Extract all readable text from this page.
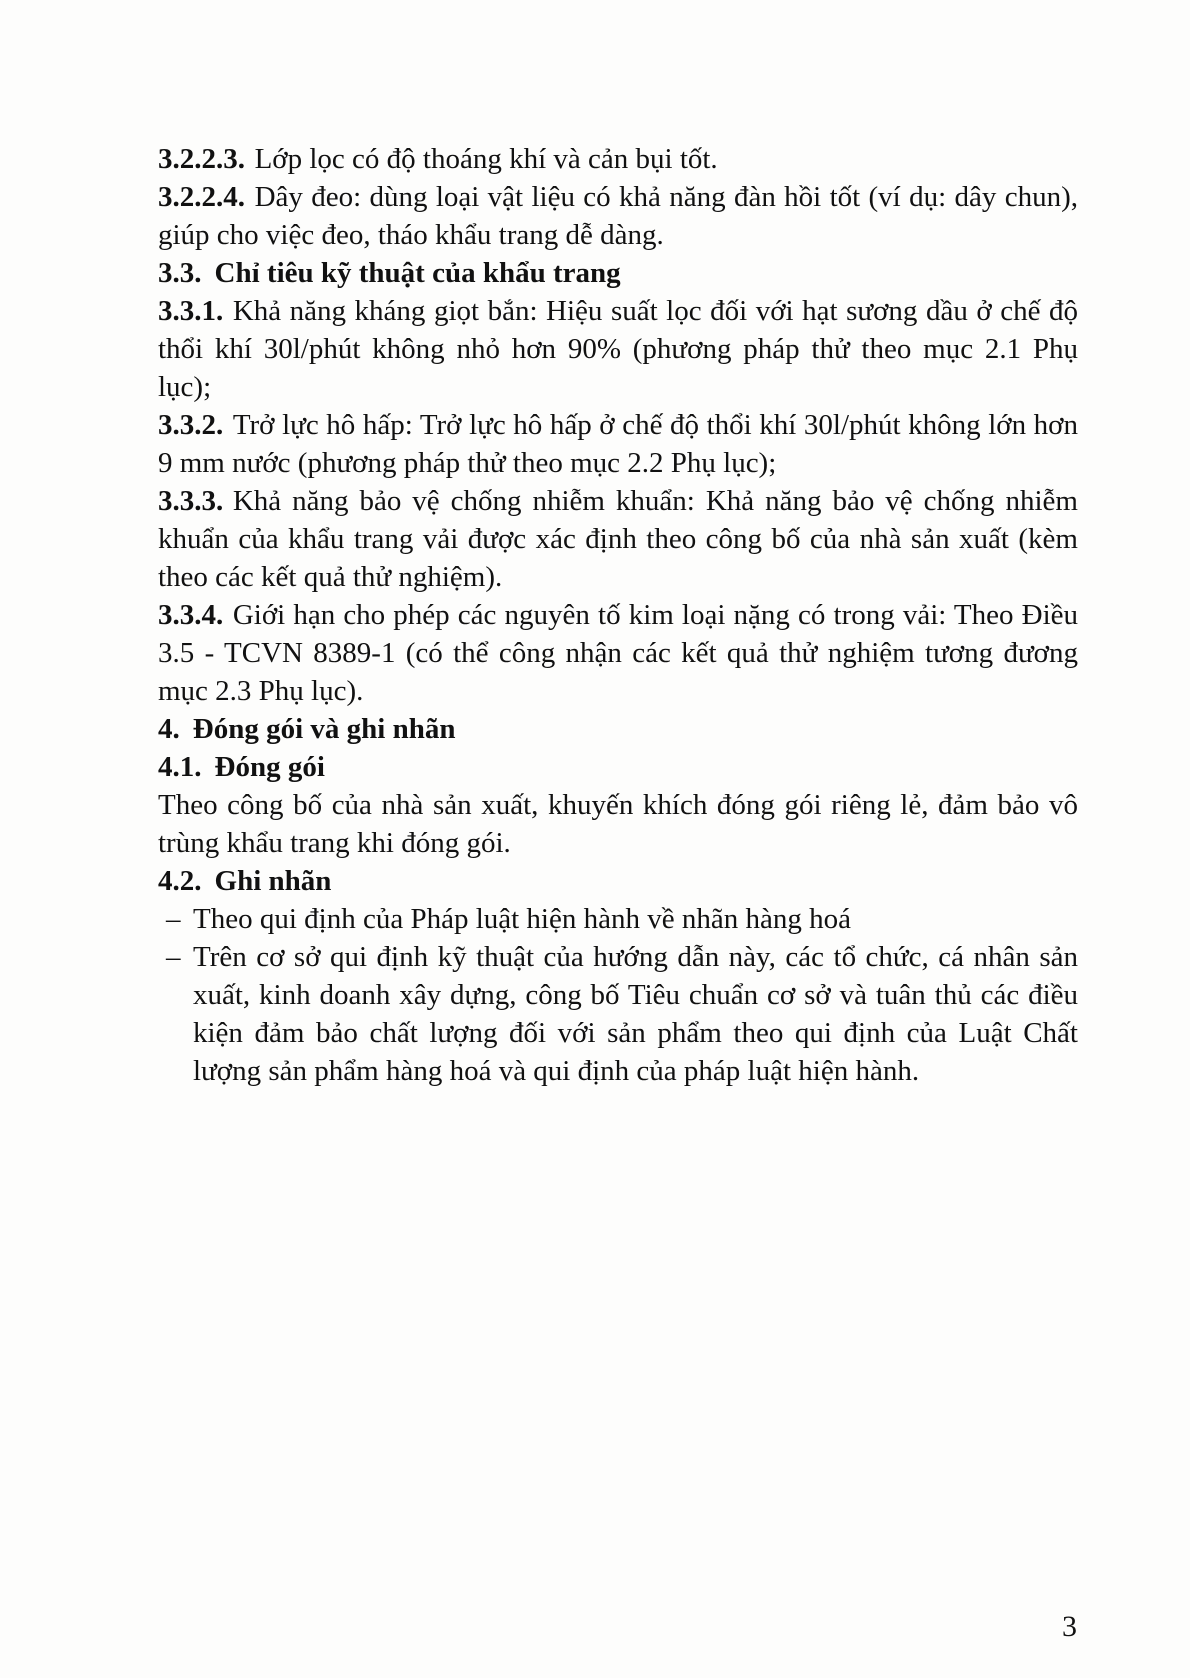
3.2.2.3. Lớp lọc có độ thoáng khí và cản bụi tốt.

3.2.2.4. Dây đeo: dùng loại vật liệu có khả năng đàn hồi tốt (ví dụ: dây chun), giúp cho việc đeo, tháo khẩu trang dễ dàng.

3.3. Chỉ tiêu kỹ thuật của khẩu trang

3.3.1. Khả năng kháng giọt bắn: Hiệu suất lọc đối với hạt sương dầu ở chế độ thổi khí 30l/phút không nhỏ hơn 90% (phương pháp thử theo mục 2.1 Phụ lục);

3.3.2. Trở lực hô hấp: Trở lực hô hấp ở chế độ thổi khí 30l/phút không lớn hơn 9 mm nước (phương pháp thử theo mục 2.2 Phụ lục);

3.3.3. Khả năng bảo vệ chống nhiễm khuẩn: Khả năng bảo vệ chống nhiễm khuẩn của khẩu trang vải được xác định theo công bố của nhà sản xuất (kèm theo các kết quả thử nghiệm).

3.3.4. Giới hạn cho phép các nguyên tố kim loại nặng có trong vải: Theo Điều 3.5 - TCVN 8389-1 (có thể công nhận các kết quả thử nghiệm tương đương mục 2.3 Phụ lục).

4. Đóng gói và ghi nhãn

4.1. Đóng gói

Theo công bố của nhà sản xuất, khuyến khích đóng gói riêng lẻ, đảm bảo vô trùng khẩu trang khi đóng gói.

4.2. Ghi nhãn

– Theo qui định của Pháp luật hiện hành về nhãn hàng hoá

– Trên cơ sở qui định kỹ thuật của hướng dẫn này, các tổ chức, cá nhân sản xuất, kinh doanh xây dựng, công bố Tiêu chuẩn cơ sở và tuân thủ các điều kiện đảm bảo chất lượng đối với sản phẩm theo qui định của Luật Chất lượng sản phẩm hàng hoá và qui định của pháp luật hiện hành.

3
